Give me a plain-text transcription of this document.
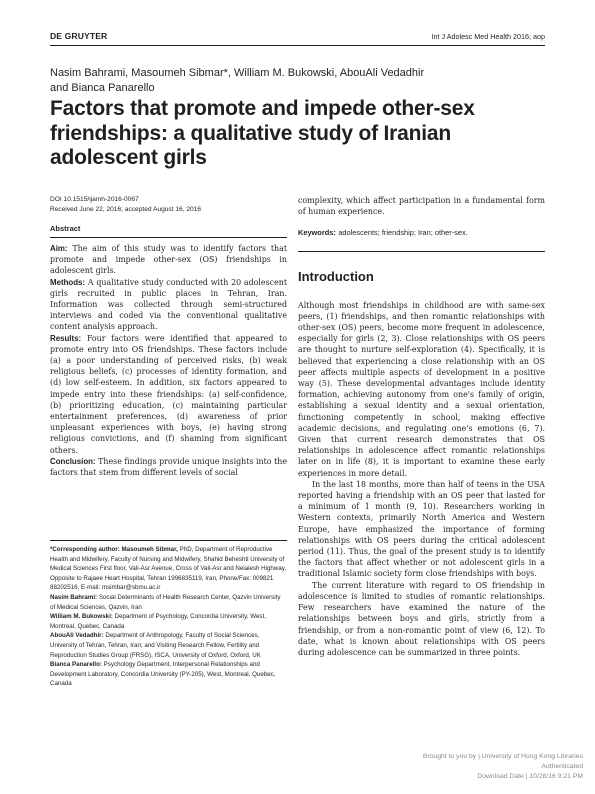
DE GRUYTER	Int J Adolesc Med Health 2016; aop
Nasim Bahrami, Masoumeh Sibmar*, William M. Bukowski, AbouAli Vedadhir
and Bianca Panarello
Factors that promote and impede other-sex friendships: a qualitative study of Iranian adolescent girls
DOI 10.1515/ijamh-2016-0067
Received June 22, 2016; accepted August 16, 2016
Abstract

Aim: The aim of this study was to identify factors that promote and impede other-sex (OS) friendships in adolescent girls.

Methods: A qualitative study conducted with 20 adolescent girls recruited in public places in Tehran, Iran. Information was collected through semi-structured interviews and coded via the conventional qualitative content analysis approach.

Results: Four factors were identified that appeared to promote entry into OS friendships. These factors include (a) a poor understanding of perceived risks, (b) weak religious beliefs, (c) processes of identity formation, and (d) low self-esteem. In addition, six factors appeared to impede entry into these friendships: (a) self-confidence, (b) prioritizing education, (c) maintaining particular entertainment preferences, (d) awareness of prior unpleasant experiences with boys, (e) having strong religious convictions, and (f) shaming from significant others.

Conclusion: These findings provide unique insights into the factors that stem from different levels of social

*Corresponding author: Masoumeh Sibmar, PhD, Department of Reproductive Health and Midwifery, Faculty of Nursing and Midwifery, Shahid Beheshti University of Medical Sciences First floor, Vali-Asr Avenue, Cross of Vali-Asr and Neiaiesh Highway, Opposite to Rajaee Heart Hospital, Tehran 1996835119, Iran, Phone/Fax: 009821 88202516, E-mail: msimbar@sbmu.ac.ir

Nasim Bahrami: Social Determinants of Health Research Center, Qazvin University of Medical Sciences, Qazvin, Iran

William M. Bukowski: Department of Psychology, Concordia University, West, Montreal, Quebec, Canada

AbouAli Vedadhir: Department of Anthropology, Faculty of Social Sciences, University of Tehran, Tehran, Iran; and Visiting Research Fellow, Fertility and Reproduction Studies Group (FRSG), ISCA, University of Oxford, Oxford, UK

Bianca Panarello: Psychology Department, Interpersonal Relationships and Development Laboratory, Concordia University (PY-205), West, Montreal, Quebec, Canada

complexity, which affect participation in a fundamental form of human experience.

Keywords: adolescents; friendship; Iran; other-sex.

Introduction

Although most friendships in childhood are with same-sex peers, (1) friendships, and then romantic relationships with other-sex (OS) peers, become more frequent in adolescence, especially for girls (2, 3). Close relationships with OS peers are thought to nurture self-exploration (4). Specifically, it is believed that experiencing a close relationship with an OS peer affects multiple aspects of development in a positive way (5). These developmental advantages include identity formation, achieving autonomy from one's family of origin, establishing a sexual identity and a sexual orientation, functioning competently in school, making effective academic decisions, and regulating one's emotions (6, 7). Given that current research demonstrates that OS relationships in adolescence affect romantic relationships later on in life (8), it is important to examine these early experiences in more detail.

In the last 18 months, more than half of teens in the USA reported having a friendship with an OS peer that lasted for a minimum of 1 month (9, 10). Researchers working in Western contexts, primarily North America and Western Europe, have emphasized the importance of forming relationships with OS peers during the critical adolescent period (11). Thus, the goal of the present study is to identify the factors that affect whether or not adolescent girls in a traditional Islamic society form close friendships with boys.

The current literature with regard to OS friendship in adolescence is limited to studies of romantic relationships. Few researchers have examined the nature of the relationships between boys and girls, strictly from a friendship, or from a non-romantic point of view (6, 12). To date, what is known about relationships with OS peers during adolescence can be summarized in three points.

Brought to you by | University of Hong Kong Libraries
Authenticated
Download Date | 10/28/16 9:21 PM
